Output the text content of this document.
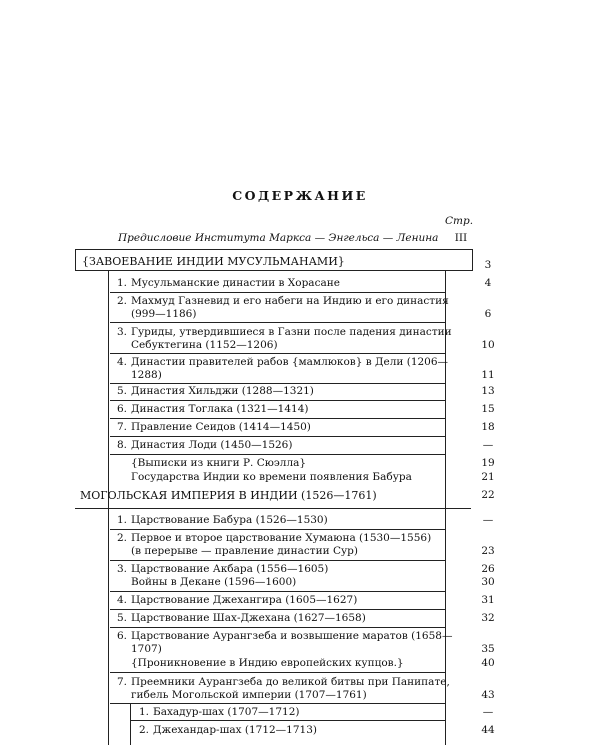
СОДЕРЖАНИЕ
Стр.
Предисловие Института Маркса — Энгельса — Ленина	III
{ЗАВОЕВАНИЕ ИНДИИ МУСУЛЬМАНАМИ}	3
1. Мусульманские династии в Хорасане	4
2. Махмуд Газневид и его набеги на Индию и его династия
(999—1186)	6
3. Гуриды, утвердившиеся в Газни после падения династии
Себуктегина (1152—1206)	10
4. Династии правителей рабов {мамлюков} в Дели (1206—
1288)	11
5. Династия Хильджи (1288—1321)	13
6. Династия Тоглака (1321—1414)	15
7. Правление Сеидов (1414—1450)	18
8. Династия Лоди (1450—1526)	—
{Выписки из книги Р. Сюэлла}	19
Государства Индии ко времени появления Бабура	21
МОГОЛЬСКАЯ ИМПЕРИЯ В ИНДИИ (1526—1761)	22
1. Царствование Бабура (1526—1530)	—
2. Первое и второе царствование Хумаюна (1530—1556)
(в перерыве — правление династии Сур)	23
3. Царствование Акбара (1556—1605)	26
Войны в Декане (1596—1600)	30
4. Царствование Джехангира (1605—1627)	31
5. Царствование Шах-Джехана (1627—1658)	32
6. Царствование Аурангзеба и возвышение маратов (1658—
1707)	35
{Проникновение в Индию европейских купцов.}	40
7. Преемники Аурангзеба до великой битвы при Панипате,
гибель Могольской империи (1707—1761)	43
1. Бахадур-шах (1707—1712)	—
2. Джехандар-шах (1712—1713)	44
